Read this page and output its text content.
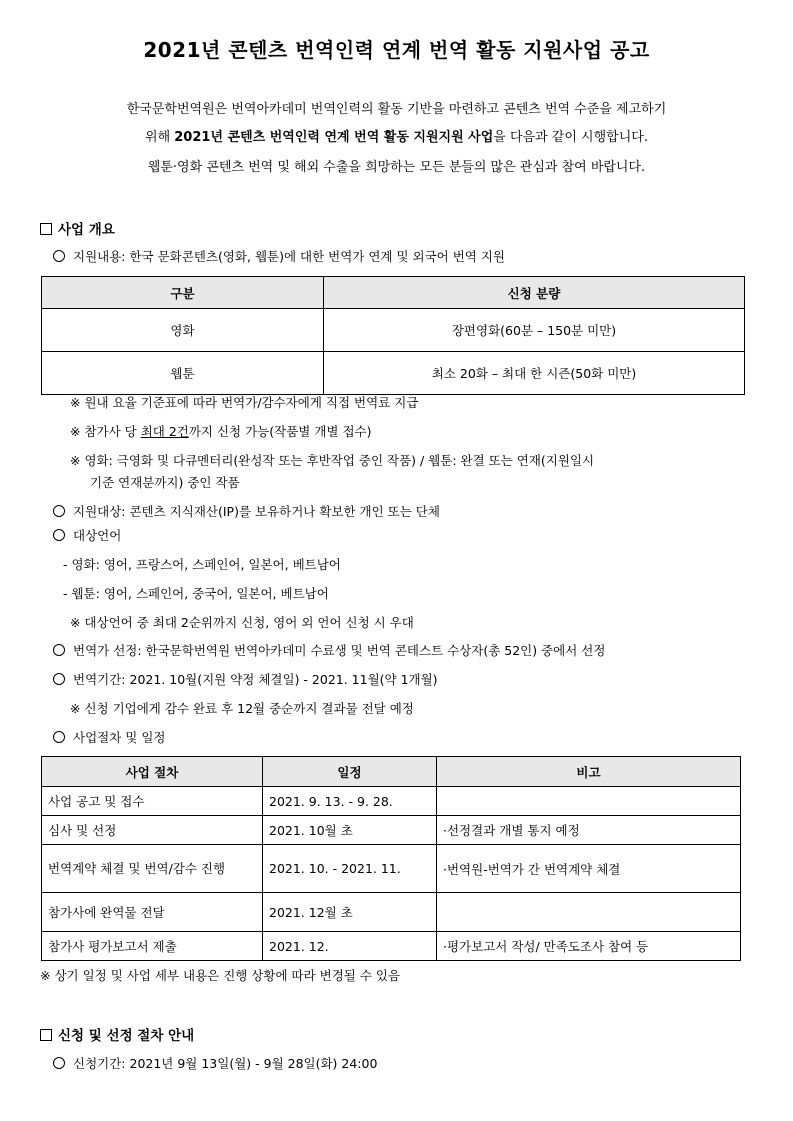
2021년 콘텐츠 번역인력 연계 번역 활동 지원사업 공고
한국문학번역원은 번역아카데미 번역인력의 활동 기반을 마련하고 콘텐츠 번역 수준을 제고하기
위해 2021년 콘텐츠 번역인력 연계 번역 활동 지원지원 사업을 다음과 같이 시행합니다.
웹툰·영화 콘텐츠 번역 및 해외 수출을 희망하는 모든 분들의 많은 관심과 참여 바랍니다.
사업 개요
지원내용: 한국 문화콘텐츠(영화, 웹툰)에 대한 번역가 연계 및 외국어 번역 지원
구분	신청 분량
영화	장편영화(60분 – 150분 미만)
웹툰	최소 20화 – 최대 한 시즌(50화 미만)
※ 원내 요율 기준표에 따라 번역가/감수자에게 직접 번역료 지급
※ 참가사 당 최대 2건까지 신청 가능(작품별 개별 접수)
※ 영화: 극영화 및 다큐멘터리(완성작 또는 후반작업 중인 작품) / 웹툰: 완결 또는 연재(지원일시
기준 연재분까지) 중인 작품
지원대상: 콘텐츠 지식재산(IP)를 보유하거나 확보한 개인 또는 단체
대상언어
- 영화: 영어, 프랑스어, 스페인어, 일본어, 베트남어
- 웹툰: 영어, 스페인어, 중국어, 일본어, 베트남어
※ 대상언어 중 최대 2순위까지 신청, 영어 외 언어 신청 시 우대
번역가 선정: 한국문학번역원 번역아카데미 수료생 및 번역 콘테스트 수상자(총 52인) 중에서 선정
번역기간: 2021. 10월(지원 약정 체결일) - 2021. 11월(약 1개월)
※ 신청 기업에게 감수 완료 후 12월 중순까지 결과물 전달 예정
사업절차 및 일정
사업 절차	일정	비고
사업 공고 및 접수	2021. 9. 13. - 9. 28.	
심사 및 선정	2021. 10월 초	·선정결과 개별 통지 예정
번역계약 체결 및 번역/감수 진행	2021. 10. - 2021. 11.	·번역원-번역가 간 번역계약 체결
참가사에 완역물 전달	2021. 12월 초	
참가사 평가보고서 제출	2021. 12.	·평가보고서 작성/ 만족도조사 참여 등
※ 상기 일정 및 사업 세부 내용은 진행 상황에 따라 변경될 수 있음
신청 및 선정 절차 안내
신청기간: 2021년 9월 13일(월) - 9월 28일(화) 24:00
